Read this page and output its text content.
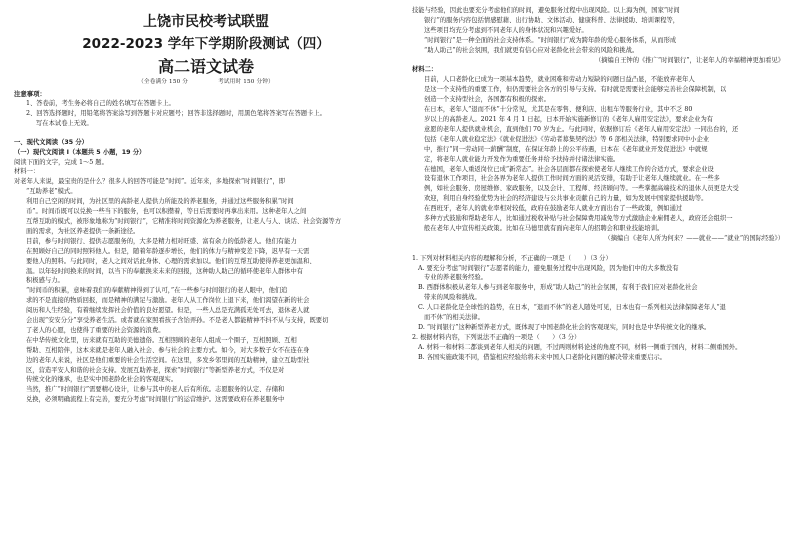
上饶市民校考试联盟
2022-2023 学年下学期阶段测试（四）
高二语文试卷
（全卷满分 150 分	考试用时 150 分钟）
注意事项：
1、答卷前，考生务必将自己的姓名填写在答题卡上。
2、回答选择题时，用铅笔将答案涂写到答题卡对应题号；回答非选择题时，用黑色笔将答案写在答题卡上。
写在本试卷上无效。
一、现代文阅读（35 分）
（一）现代文阅读 I（本题共 5 小题，19 分）
阅读下面的文字，完成 1～5 题。
材料一：
对老年人来说，最宝贵的是什么？很多人的回答可能是“时间”。近年来，多地探索“时间银行”，即
“互助养老”模式。
利用自己空闲的时间，为社区里的高龄老人提供力所能及的养老服务，并通过这些服务积累“时间
币”。时间币既可以兑换一些当下的服务，也可以积攒着，等日后需要时再拿出来用。这种老年人之间
互帮互助的模式，被形象地称为“时间银行”，它精准将时间资源化为养老服务，让老人与人、谈话、社会资源等方
面的需求，为社区养老提供一条新途径。
目前，参与时间银行、提供志愿服务的，大多是精力相对旺盛、富有余力的低龄老人。他们有能力
在照顾好自己的同时照料他人。但是，随着年龄逐步增长，他们的体力与精神变差下降，迟早有一天需
要他人的照料。与此同时，老人之间对话此身体、心理的需求加以。他们的互帮互助使得养老更加温和、
温。以年轻时间换来的时间，以当下的奉献换来未来的回报，这种助人助己的循环使老年人群体中有
积极感与力。
“时间币的积累，意味着我们的奉献精神得到了认可，”在一些参与时间银行的老人眼中，他们追
求的不是直接的物质回报，而是精神的满足与激励。老年人从工作岗位上退下来，他们渴望在新的社会
阅历和人生经验，有着继续发挥社会价值的良好愿望。但是，一些人总是充满孤无处可去，退休老人就
会出现“安安分分”享受养老生活。或者就在家照看孩子含饴弄孙。不是老人都能精神不抖不从与支持，既要切
了老人的心愿，也使得了重要的社会资源的浪费。
在中华传统文化里，历来就有互助的美德遗俗。互相照顾的老年人组成一个圈子，互相照顾、互相
帮助、互相陪伴，这本来就是老年人融入社会、参与社会的主要方式。如今，对大多数子女不在连在身
边的老年人来说，社区是他们重要的社会生活空间。在这里，多发乡邻里间的互助精神，建立互助型社
区，营造平安人和谐的社会支持。发展互助养老，探索“时间银行”等新型养老方式，不仅是对
传统文化的继承，也是实中国老龄化社会的客观现实。
当然，推广“时间银行”需要精心设计，让参与其中的老人后有所依。志愿服务的认定、存储和
兑换，必须明确流程上有完善，要充分考虑“时间银行”的运营维护。这需要政府在养老服务中
技能与经验，因此也要充分考虑他们的时间，避免服务过程中出现风险。以上海为例，国家“时间
银行”的服务内容包括情感慰藉、出行协助、文体活动、健康科普、法律援助、培训课程等，
这些项目均充分考虑到不同老年人的身体状况和兴趣爱好。
“时间银行”是一种全面的社会支持体系。“时间银行”成为跨年龄的爱心服务体系，从而形成
“助人助己”的社会氛围，我们就更有信心应对老龄化社会带来的风险和挑战。
（摘编自王钟的《推广“时间银行”，让老年人的幸福精神更加看见》
材料二：
目前，人口老龄化已成为一项基本趋势，就业困难和劳动力短缺的问题日益凸显，不能放弃老年人
是这一个支持性的重要工作，但仍需要社会各方的引导与支持。有时就是需要社会能够完善社会保障机制，以
创造一个支持型社会，各国都有积极的探索。
在日本，老年人“退而不休”十分常见，尤其是在零售、便利店、出租车等服务行业，其中不乏 80
岁以上的高龄老人。2021 年 4 月 1 日起，日本开始实施新修订的《老年人雇用安定法》，要求企业为有
意愿的老年人提供就业机会，直到他们 70 岁为止。与此同时，依据修订后《老年人雇用安定法》一同出台的，还
包括《老年人就业稳定法》《就业促进法》《劳动者募集契约法》等 6 部相关法律，特别要求同中小企业
中，推行“同一劳动同一薪酬”制度，在保证年龄上的公平待遇，日本在《老年就业开发促进法》中就规
定，将老年人就业能力开发作为重要任务并给予扶持并付诸法律实施。
在德国，老年人重返岗位已成“新常态”。社会各层面都在探索使老年人继续工作的合适方式，要求企业设
设有退休工作项目，社会各界为老年人提供工作时间方面的灵活安排，有助于让老年人继续就业。在一些多
例，如社会服务、房屋维修、家政服务，以及会计、工程师、经济顾问等。一些掌握高端技术的退休人员更是大受
欢迎，利用自身经验优势为社会的经济建设与公共事业贡献自己的力量，如为发展中国家提供援助等。
在西班牙，老年人的就业率相对较低，政府在鼓励老年人就业方面出台了一些政策，例如通过
多种方式鼓励和帮助老年人，比如通过税收补贴与社会保障费用减免等方式激励企业雇佣老人，政府还会组织一
般在老年人中宣传相关政策。比如在马德里就有面向老年人的招聘会和职业技能培训。
（摘编自《老年人所为何来？——就业——“就业”的国际经验》）

1. 下列对材料相关内容的理解和分析，不正确的一项是（　　）（3 分）
A. 要充分考虑“时间银行”志愿者的能力，避免服务过程中出现风险，因为他们中的大多数没有
专业的养老服务经验。
B. 西群体积极从老年人参与到老年服务中，形成“助人助己”的社会氛围，有利于我们应对老龄化社会
带来的风险和挑战。
C. 人口老龄化是全球性的趋势，在日本，“退而不休”的老人随处可见，日本也有一系列相关法律保障老年人“退
而不休”的相关法律。
D. “时间银行”这种新型养老方式，既体现了中国老龄化社会的客观现实，同时也是中华传统文化的继承。
2. 根据材料内容，下列说法不正确的一项是（　　）（3 分）
A. 材料一和材料二都谈到老年人相关的问题，不过两则材料论述的角度不同，材料一侧重于国内，材料二侧重国外。
B. 各国实施政策不同，借鉴相应经验给将未来中国人口老龄化问题的解决带来重要启示。
